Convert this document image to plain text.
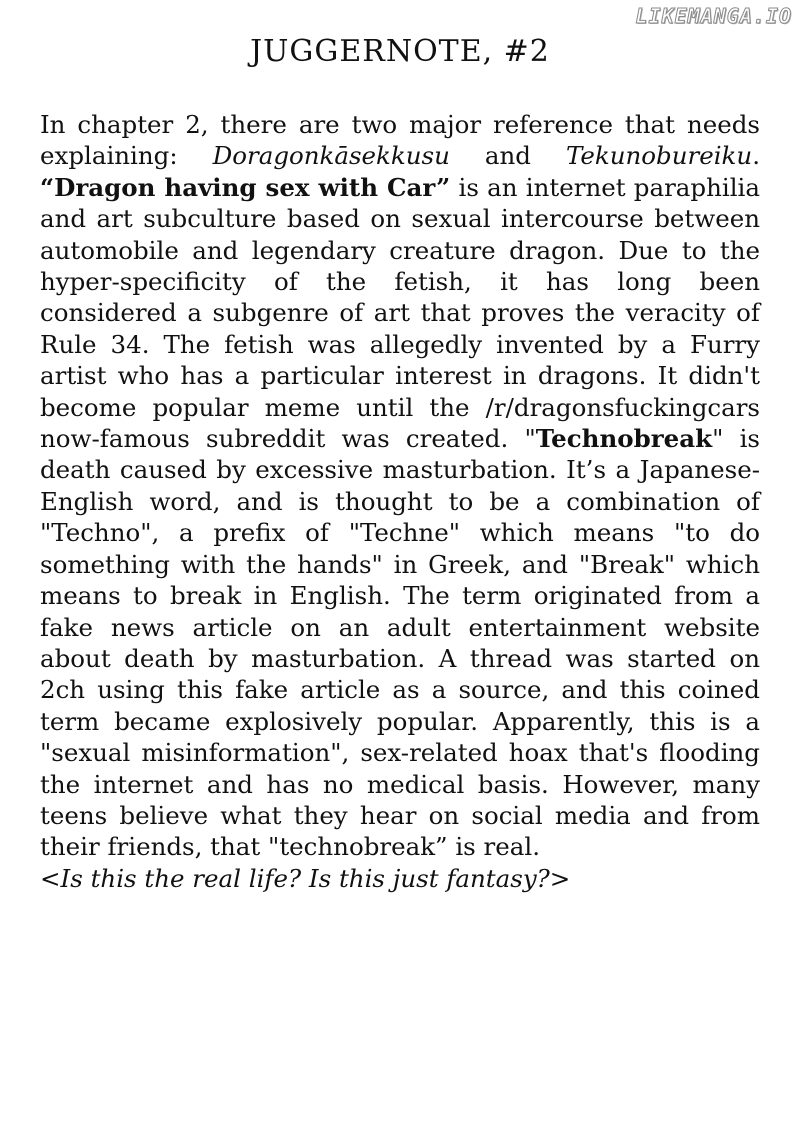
LIKEMANGA.IO
JUGGERNOTE, #2

In chapter 2, there are two major reference that needs explaining: Doragonkāsekkusu and Tekunobureiku. “Dragon having sex with Car” is an internet paraphilia and art subculture based on sexual intercourse between automobile and legendary creature dragon. Due to the hyper-specificity of the fetish, it has long been considered a subgenre of art that proves the veracity of Rule 34. The fetish was allegedly invented by a Furry artist who has a particular interest in dragons. It didn't become popular meme until the /r/dragonsfuckingcars now-famous subreddit was created. "Technobreak" is death caused by excessive masturbation. It’s a Japanese-English word, and is thought to be a combination of "Techno", a prefix of "Techne" which means "to do something with the hands" in Greek, and "Break" which means to break in English. The term originated from a fake news article on an adult entertainment website about death by masturbation. A thread was started on 2ch using this fake article as a source, and this coined term became explosively popular. Apparently, this is a "sexual misinformation", sex-related hoax that's flooding the internet and has no medical basis. However, many teens believe what they hear on social media and from their friends, that "technobreak” is real.
<Is this the real life? Is this just fantasy?>
